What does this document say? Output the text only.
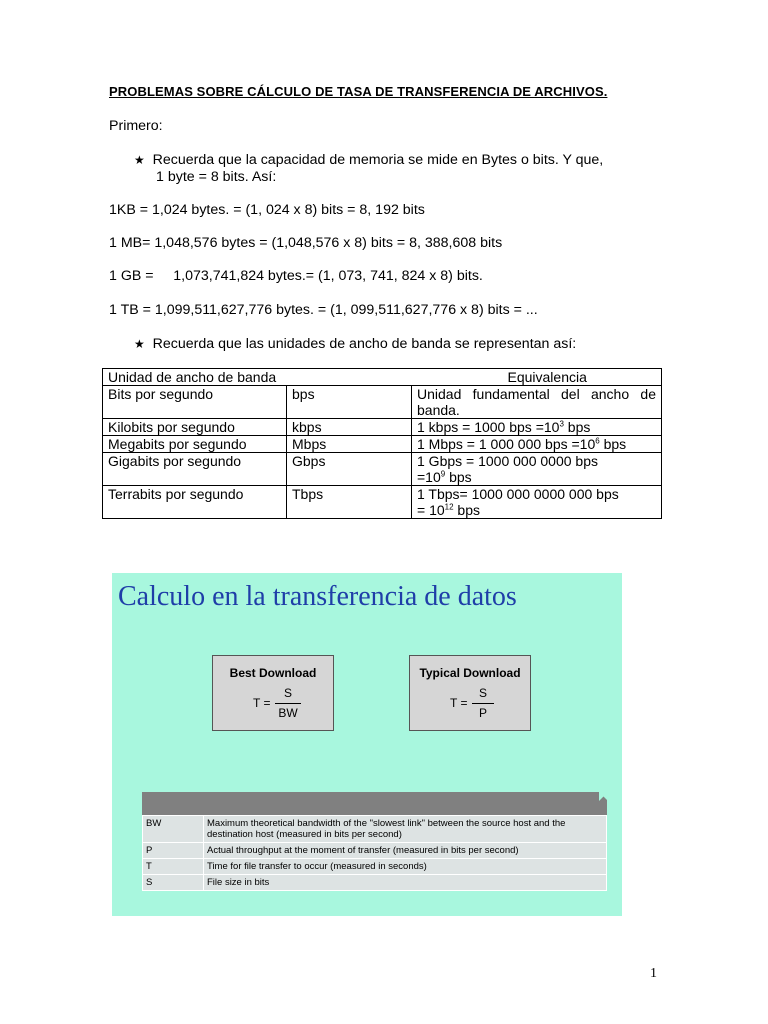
PROBLEMAS SOBRE CÁLCULO DE TASA DE TRANSFERENCIA DE ARCHIVOS.
Primero:
★ Recuerda que la capacidad de memoria se mide en Bytes o bits. Y que,
1 byte = 8 bits. Así:
1KB = 1,024 bytes. = (1, 024 x 8) bits = 8, 192 bits
1 MB= 1,048,576 bytes = (1,048,576 x 8) bits = 8, 388,608 bits
1 GB =     1,073,741,824 bytes.= (1, 073, 741, 824 x 8) bits.
1 TB = 1,099,511,627,776 bytes. = (1, 099,511,627,776 x 8) bits = ...
★ Recuerda que las unidades de ancho de banda se representan así:
Unidad de ancho de banda		Equivalencia
Bits por segundo	bps	Unidad fundamental del ancho de banda.
Kilobits por segundo	kbps	1 kbps = 1000 bps $=10^3$ bps
Megabits por segundo	Mbps	1 Mbps = 1 000 000 bps $=10^6$ bps
Gigabits por segundo	Gbps	1 Gbps = 1000 000 0000 bps
$=10^9$ bps
Terrabits por segundo	Tbps	1 Tbps= 1000 000 0000 000 bps
= $10^{12}$ bps
Calculo en la transferencia de datos
Best Download
T =
S
BW
Typical Download
T =
S
P
BW	Maximum theoretical bandwidth of the "slowest link" between the source host and the destination host (measured in bits per second)
P	Actual throughput at the moment of transfer (measured in bits per second)
T	Time for file transfer to occur (measured in seconds)
S	File size in bits
1
